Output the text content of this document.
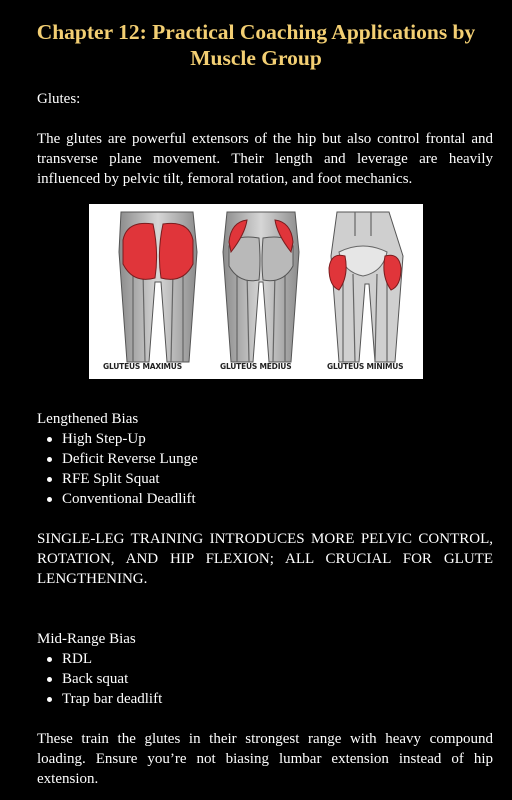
Chapter 12: Practical Coaching Applications by Muscle Group

Glutes:

The glutes are powerful extensors of the hip but also control frontal and transverse plane movement. Their length and leverage are heavily influenced by pelvic tilt, femoral rotation, and foot mechanics.

GLUTEUS MAXIMUS	GLUTEUS MEDIUS	GLUTEUS MINIMUS

Lengthened Bias

High Step-Up
Deficit Reverse Lunge
RFE Split Squat
Conventional Deadlift

SINGLE-LEG TRAINING INTRODUCES MORE PELVIC CONTROL, ROTATION, AND HIP FLEXION; ALL CRUCIAL FOR GLUTE LENGTHENING.

Mid-Range Bias

RDL
Back squat
Trap bar deadlift

These train the glutes in their strongest range with heavy compound loading. Ensure you’re not biasing lumbar extension instead of hip extension.
